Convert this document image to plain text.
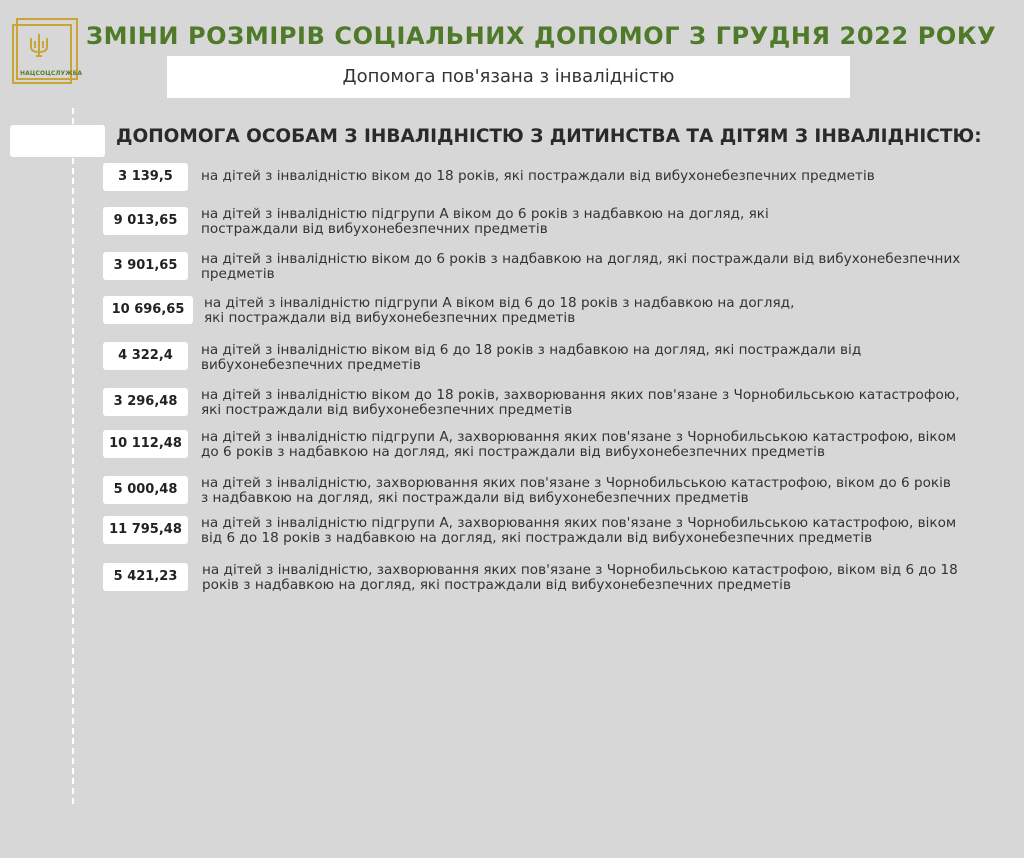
НАЦСОЦСЛУЖБА
ЗМІНИ РОЗМІРІВ СОЦІАЛЬНИХ ДОПОМОГ З ГРУДНЯ 2022 РОКУ
Допомога пов'язана з інвалідністю
ДОПОМОГА ОСОБАМ З ІНВАЛІДНІСТЮ З ДИТИНСТВА ТА ДІТЯМ З ІНВАЛІДНІСТЮ:
3 139,5	на дітей з інвалідністю віком до 18 років, які постраждали від вибухонебезпечних предметів
9 013,65	на дітей з інвалідністю підгрупи А віком до 6 років з надбавкою на догляд, які
постраждали від вибухонебезпечних предметів
3 901,65	на дітей з інвалідністю віком до 6 років з надбавкою на догляд, які постраждали від вибухонебезпечних
предметів
10 696,65	на дітей з інвалідністю підгрупи А віком від 6 до 18 років з надбавкою на догляд,
які постраждали від вибухонебезпечних предметів
4 322,4	на дітей з інвалідністю віком від 6 до 18 років з надбавкою на догляд, які постраждали від
вибухонебезпечних предметів
3 296,48	на дітей з інвалідністю віком до 18 років, захворювання яких пов'язане з Чорнобильською катастрофою,
які постраждали від вибухонебезпечних предметів
10 112,48	на дітей з інвалідністю підгрупи А, захворювання яких пов'язане з Чорнобильською катастрофою, віком
до 6 років з надбавкою на догляд, які постраждали від вибухонебезпечних предметів
5 000,48	на дітей з інвалідністю, захворювання яких пов'язане з Чорнобильською катастрофою, віком до 6 років
з надбавкою на догляд, які постраждали від вибухонебезпечних предметів
11 795,48	на дітей з інвалідністю підгрупи А, захворювання яких пов'язане з Чорнобильською катастрофою, віком
від 6 до 18 років з надбавкою на догляд, які постраждали від вибухонебезпечних предметів
5 421,23	на дітей з інвалідністю, захворювання яких пов'язане з Чорнобильською катастрофою, віком від 6 до 18
років з надбавкою на догляд, які постраждали від вибухонебезпечних предметів
